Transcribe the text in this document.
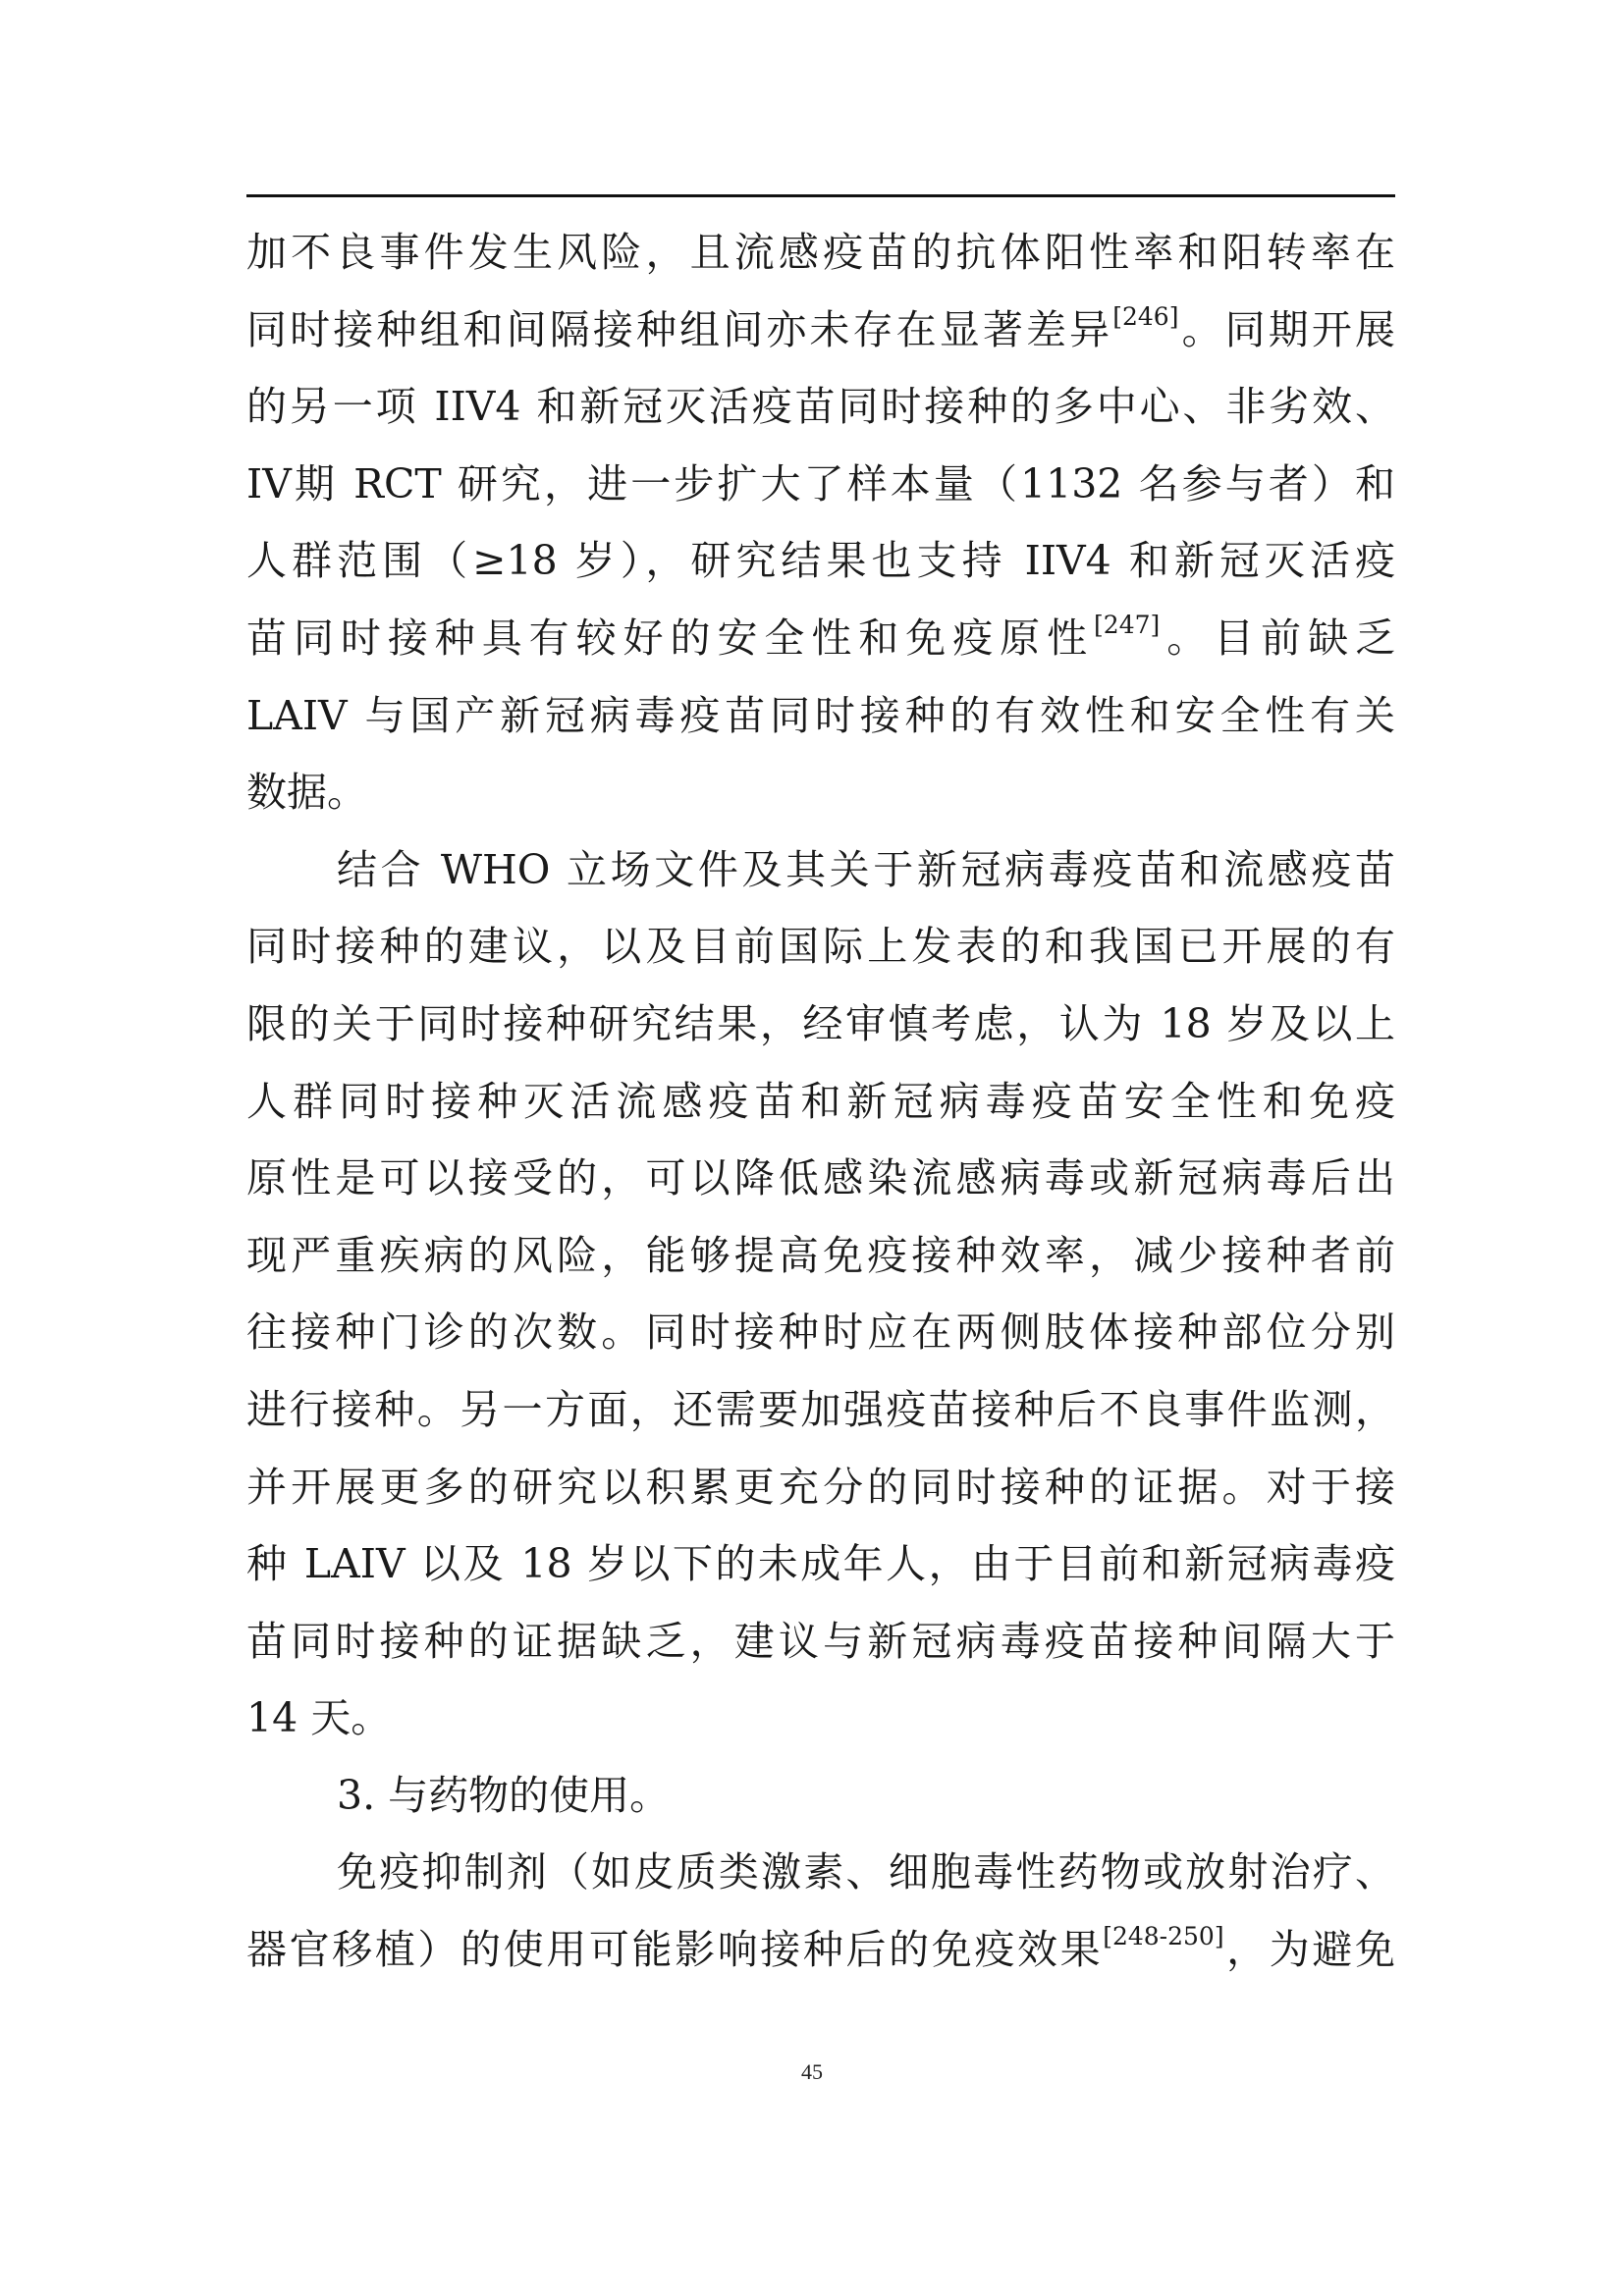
加不良事件发生风险，且流感疫苗的抗体阳性率和阳转率在
同时接种组和间隔接种组间亦未存在显著差异[246]。同期开展
的另一项 IIV4 和新冠灭活疫苗同时接种的多中心、非劣效、
IV期 RCT 研究，进一步扩大了样本量（1132 名参与者）和
人群范围（≥18 岁），研究结果也支持 IIV4 和新冠灭活疫
苗同时接种具有较好的安全性和免疫原性[247]。目前缺乏
LAIV 与国产新冠病毒疫苗同时接种的有效性和安全性有关
数据。
结合 WHO 立场文件及其关于新冠病毒疫苗和流感疫苗
同时接种的建议，以及目前国际上发表的和我国已开展的有
限的关于同时接种研究结果，经审慎考虑，认为 18 岁及以上
人群同时接种灭活流感疫苗和新冠病毒疫苗安全性和免疫
原性是可以接受的，可以降低感染流感病毒或新冠病毒后出
现严重疾病的风险，能够提高免疫接种效率，减少接种者前
往接种门诊的次数。同时接种时应在两侧肢体接种部位分别
进行接种。另一方面，还需要加强疫苗接种后不良事件监测，
并开展更多的研究以积累更充分的同时接种的证据。对于接
种 LAIV 以及 18 岁以下的未成年人，由于目前和新冠病毒疫
苗同时接种的证据缺乏，建议与新冠病毒疫苗接种间隔大于
14 天。
3. 与药物的使用。
免疫抑制剂（如皮质类激素、细胞毒性药物或放射治疗、
器官移植）的使用可能影响接种后的免疫效果[248-250]，为避免
45
